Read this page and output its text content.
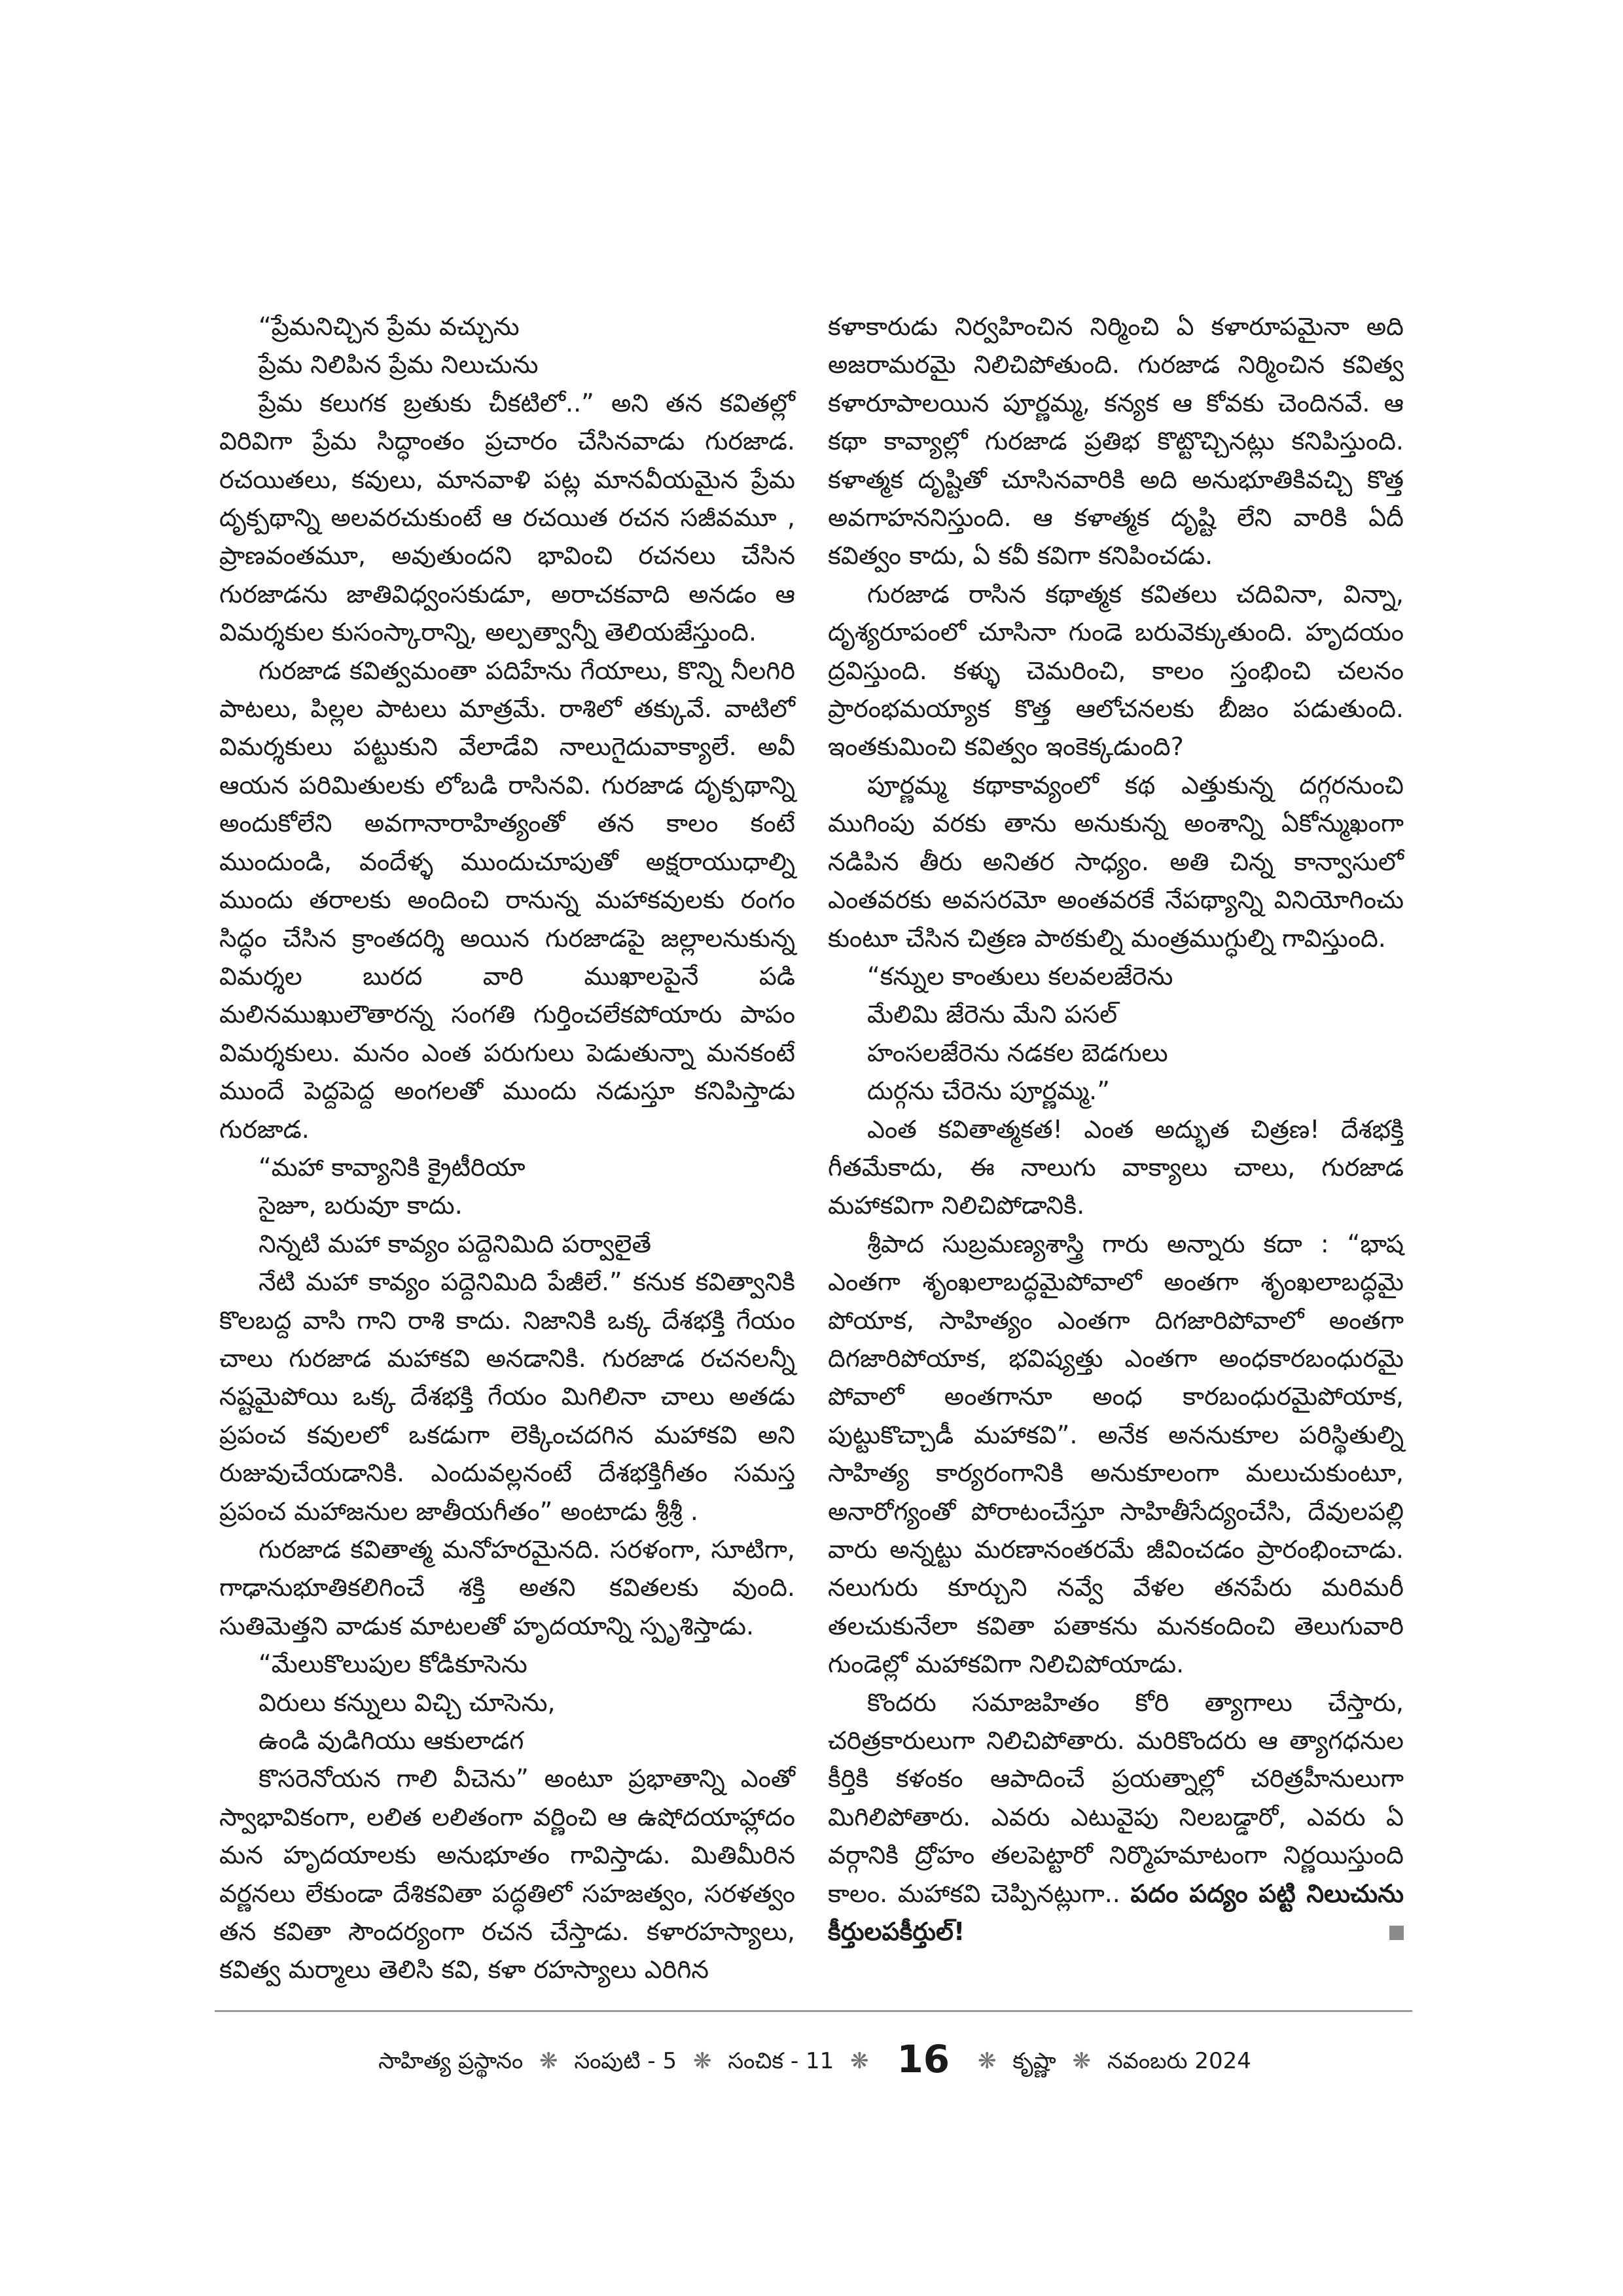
“ప్రేమనిచ్చిన ప్రేమ వచ్చును
ప్రేమ నిలిపిన ప్రేమ నిలుచును

ప్రేమ కలుగక బ్రతుకు చీకటిలో..” అని తన కవితల్లో విరివిగా ప్రేమ సిద్ధాంతం ప్రచారం చేసినవాడు గురజాడ. రచయితలు, కవులు, మానవాళి పట్ల మానవీయమైన ప్రేమ దృక్పథాన్ని అలవరచుకుంటే ఆ రచయిత రచన సజీవమూ , ప్రాణవంతమూ, అవుతుందని భావించి రచనలు చేసిన గురజాడను జాతివిధ్వంసకుడూ, అరాచకవాది అనడం ఆ విమర్శకుల కుసంస్కారాన్ని, అల్పత్వాన్నీ తెలియజేస్తుంది.

గురజాడ కవిత్వమంతా పదిహేను గేయాలు, కొన్ని నీలగిరి పాటలు, పిల్లల పాటలు మాత్రమే. రాశిలో తక్కువే. వాటిలో విమర్శకులు పట్టుకుని వేలాడేవి నాలుగైదువాక్యాలే. అవీ ఆయన పరిమితులకు లోబడి రాసినవి. గురజాడ దృక్పథాన్ని అందుకోలేని అవగానారాహిత్యంతో తన కాలం కంటే ముందుండి, వందేళ్ళ ముందుచూపుతో అక్షరాయుధాల్ని ముందు తరాలకు అందించి రానున్న మహాకవులకు రంగం సిద్ధం చేసిన క్రాంతదర్శి అయిన గురజాడపై జల్లాలనుకున్న విమర్శల బురద వారి ముఖాలపైనే పడి మలినముఖులౌతారన్న సంగతి గుర్తించలేకపోయారు పాపం విమర్శకులు. మనం ఎంత పరుగులు పెడుతున్నా మనకంటే ముందే పెద్దపెద్ద అంగలతో ముందు నడుస్తూ కనిపిస్తాడు గురజాడ.

“మహా కావ్యానికి క్రైటీరియా
సైజూ, బరువూ కాదు.
నిన్నటి మహా కావ్యం పద్దెనిమిది పర్వాలైతే

నేటి మహా కావ్యం పద్దెనిమిది పేజీలే.” కనుక కవిత్వానికి కొలబద్ద వాసి గాని రాశి కాదు. నిజానికి ఒక్క దేశభక్తి గేయం చాలు గురజాడ మహాకవి అనడానికి. గురజాడ రచనలన్నీ నష్టమైపోయి ఒక్క దేశభక్తి గేయం మిగిలినా చాలు అతడు ప్రపంచ కవులలో ఒకడుగా లెక్కించదగిన మహాకవి అని రుజువుచేయడానికి. ఎందువల్లనంటే దేశభక్తిగీతం సమస్త ప్రపంచ మహాజనుల జాతీయగీతం” అంటాడు శ్రీశ్రీ .

గురజాడ కవితాత్మ మనోహరమైనది. సరళంగా, సూటిగా, గాఢానుభూతికలిగించే శక్తి అతని కవితలకు వుంది. సుతిమెత్తని వాడుక మాటలతో హృదయాన్ని స్పృశిస్తాడు.

“మేలుకొలుపుల కోడికూసెను
విరులు కన్నులు విచ్చి చూసెను,
ఉండి వుడిగియు ఆకులాడగ

కొసరెనోయన గాలి వీచెను” అంటూ ప్రభాతాన్ని ఎంతో స్వాభావికంగా, లలిత లలితంగా వర్ణించి ఆ ఉషోదయాహ్లాదం మన హృదయాలకు అనుభూతం గావిస్తాడు. మితిమీరిన వర్ణనలు లేకుండా దేశికవితా పద్ధతిలో సహజత్వం, సరళత్వం తన కవితా సౌందర్యంగా రచన చేస్తాడు. కళారహస్యాలు, కవిత్వ మర్మాలు తెలిసి కవి, కళా రహస్యాలు ఎరిగిన

కళాకారుడు నిర్వహించిన నిర్మించి ఏ కళారూపమైనా అది అజరామరమై నిలిచిపోతుంది. గురజాడ నిర్మించిన కవిత్వ కళారూపాలయిన పూర్ణమ్మ, కన్యక ఆ కోవకు చెందినవే. ఆ కథా కావ్యాల్లో గురజాడ ప్రతిభ కొట్టొచ్చినట్లు కనిపిస్తుంది. కళాత్మక దృష్టితో చూసినవారికి అది అనుభూతికివచ్చి కొత్త అవగాహననిస్తుంది. ఆ కళాత్మక దృష్టి లేని వారికి ఏదీ కవిత్వం కాదు, ఏ కవీ కవిగా కనిపించడు.

గురజాడ రాసిన కథాత్మక కవితలు చదివినా, విన్నా, దృశ్యరూపంలో చూసినా గుండె బరువెక్కుతుంది. హృదయం ద్రవిస్తుంది. కళ్ళు చెమరించి, కాలం స్తంభించి చలనం ప్రారంభమయ్యాక కొత్త ఆలోచనలకు బీజం పడుతుంది. ఇంతకుమించి కవిత్వం ఇంకెక్కడుంది?

పూర్ణమ్మ కథాకావ్యంలో కథ ఎత్తుకున్న దగ్గరనుంచి ముగింపు వరకు తాను అనుకున్న అంశాన్ని ఏకోన్ముఖంగా నడిపిన తీరు అనితర సాధ్యం. అతి చిన్న కాన్వాసులో ఎంతవరకు అవసరమో అంతవరకే నేపథ్యాన్ని వినియోగించు కుంటూ చేసిన చిత్రణ పాఠకుల్ని మంత్రముగ్ధుల్ని గావిస్తుంది.

“కన్నుల కాంతులు కలవలజేరెను
మేలిమి జేరెను మేని పసల్
హంసలజేరెను నడకల బెడగులు
దుర్గను చేరెను పూర్ణమ్మ.”

ఎంత కవితాత్మకత! ఎంత అద్భుత చిత్రణ! దేశభక్తి గీతమేకాదు, ఈ నాలుగు వాక్యాలు చాలు, గురజాడ మహాకవిగా నిలిచిపోడానికి.

శ్రీపాద సుబ్రమణ్యశాస్త్రి గారు అన్నారు కదా : “భాష ఎంతగా శృంఖలాబద్ధమైపోవాలో అంతగా శృంఖలాబద్ధమై పోయాక, సాహిత్యం ఎంతగా దిగజారిపోవాలో అంతగా దిగజారిపోయాక, భవిష్యత్తు ఎంతగా అంధకారబంధురమై పోవాలో అంతగానూ అంధ కారబంధురమైపోయాక, పుట్టుకొచ్చాడీ మహాకవి”. అనేక అననుకూల పరిస్థితుల్ని సాహిత్య కార్యరంగానికి అనుకూలంగా మలుచుకుంటూ, అనారోగ్యంతో పోరాటంచేస్తూ సాహితీసేద్యంచేసి, దేవులపల్లి వారు అన్నట్టు మరణానంతరమే జీవించడం ప్రారంభించాడు. నలుగురు కూర్చుని నవ్వే వేళల తనపేరు మరిమరీ తలచుకునేలా కవితా పతాకను మనకందించి తెలుగువారి గుండెల్లో మహాకవిగా నిలిచిపోయాడు.

కొందరు సమాజహితం కోరి త్యాగాలు చేస్తారు, చరిత్రకారులుగా నిలిచిపోతారు. మరికొందరు ఆ త్యాగధనుల కీర్తికి కళంకం ఆపాదించే ప్రయత్నాల్లో చరిత్రహీనులుగా మిగిలిపోతారు. ఎవరు ఎటువైపు నిలబడ్డారో, ఎవరు ఏ వర్గానికి ద్రోహం తలపెట్టారో నిర్మొహమాటంగా నిర్ణయిస్తుంది కాలం. మహాకవి చెప్పినట్లుగా.. పదం పద్యం పట్టి నిలుచును కీర్తులపకీర్తుల్!

సాహిత్య ప్రస్థానం ❋ సంపుటి - 5 ❋ సంచిక - 11 ❋ 16 ❋ కృష్ణా ❋ నవంబరు 2024
